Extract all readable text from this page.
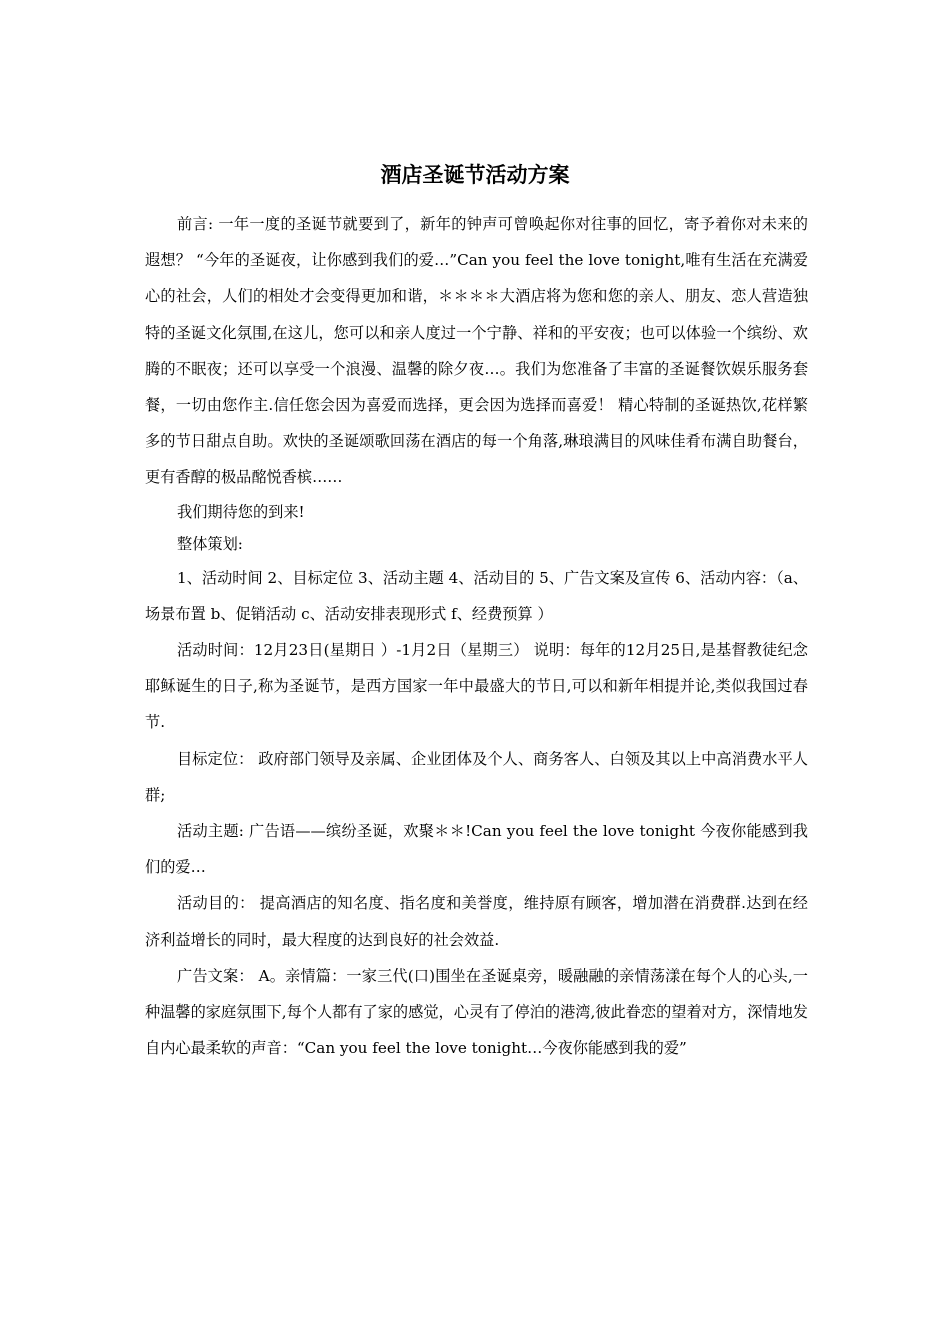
酒店圣诞节活动方案

前言: 一年一度的圣诞节就要到了，新年的钟声可曾唤起你对往事的回忆，寄予着你对未来的遐想？ “今年的圣诞夜，让你感到我们的爱…”Can you feel the love tonight,唯有生活在充满爱心的社会，人们的相处才会变得更加和谐，＊＊＊＊大酒店将为您和您的亲人、朋友、恋人营造独特的圣诞文化氛围,在这儿，您可以和亲人度过一个宁静、祥和的平安夜；也可以体验一个缤纷、欢腾的不眠夜；还可以享受一个浪漫、温馨的除夕夜…。我们为您准备了丰富的圣诞餐饮娱乐服务套餐，一切由您作主.信任您会因为喜爱而选择，更会因为选择而喜爱！ 精心特制的圣诞热饮,花样繁多的节日甜点自助。欢快的圣诞颂歌回荡在酒店的每一个角落,琳琅满目的风味佳肴布满自助餐台，更有香醇的极品酩悦香槟……

我们期待您的到来!

整体策划:

1、活动时间 2、目标定位 3、活动主题 4、活动目的 5、广告文案及宣传 6、活动内容：（a、场景布置 b、促销活动 c、活动安排表现形式 f、经费预算 ）

活动时间：12月23日(星期日 ）-1月2日（星期三） 说明：每年的12月25日,是基督教徒纪念耶稣诞生的日子,称为圣诞节，是西方国家一年中最盛大的节日,可以和新年相提并论,类似我国过春节.

目标定位： 政府部门领导及亲属、企业团体及个人、商务客人、白领及其以上中高消费水平人群;

活动主题: 广告语——缤纷圣诞，欢聚＊＊!Can you feel the love tonight 今夜你能感到我们的爱…

活动目的： 提高酒店的知名度、指名度和美誉度，维持原有顾客，增加潜在消费群.达到在经济利益增长的同时，最大程度的达到良好的社会效益.

广告文案： A。亲情篇：一家三代(口)围坐在圣诞桌旁，暖融融的亲情荡漾在每个人的心头,一种温馨的家庭氛围下,每个人都有了家的感觉，心灵有了停泊的港湾,彼此眷恋的望着对方，深情地发自内心最柔软的声音：“Can you feel the love tonight…今夜你能感到我的爱”
